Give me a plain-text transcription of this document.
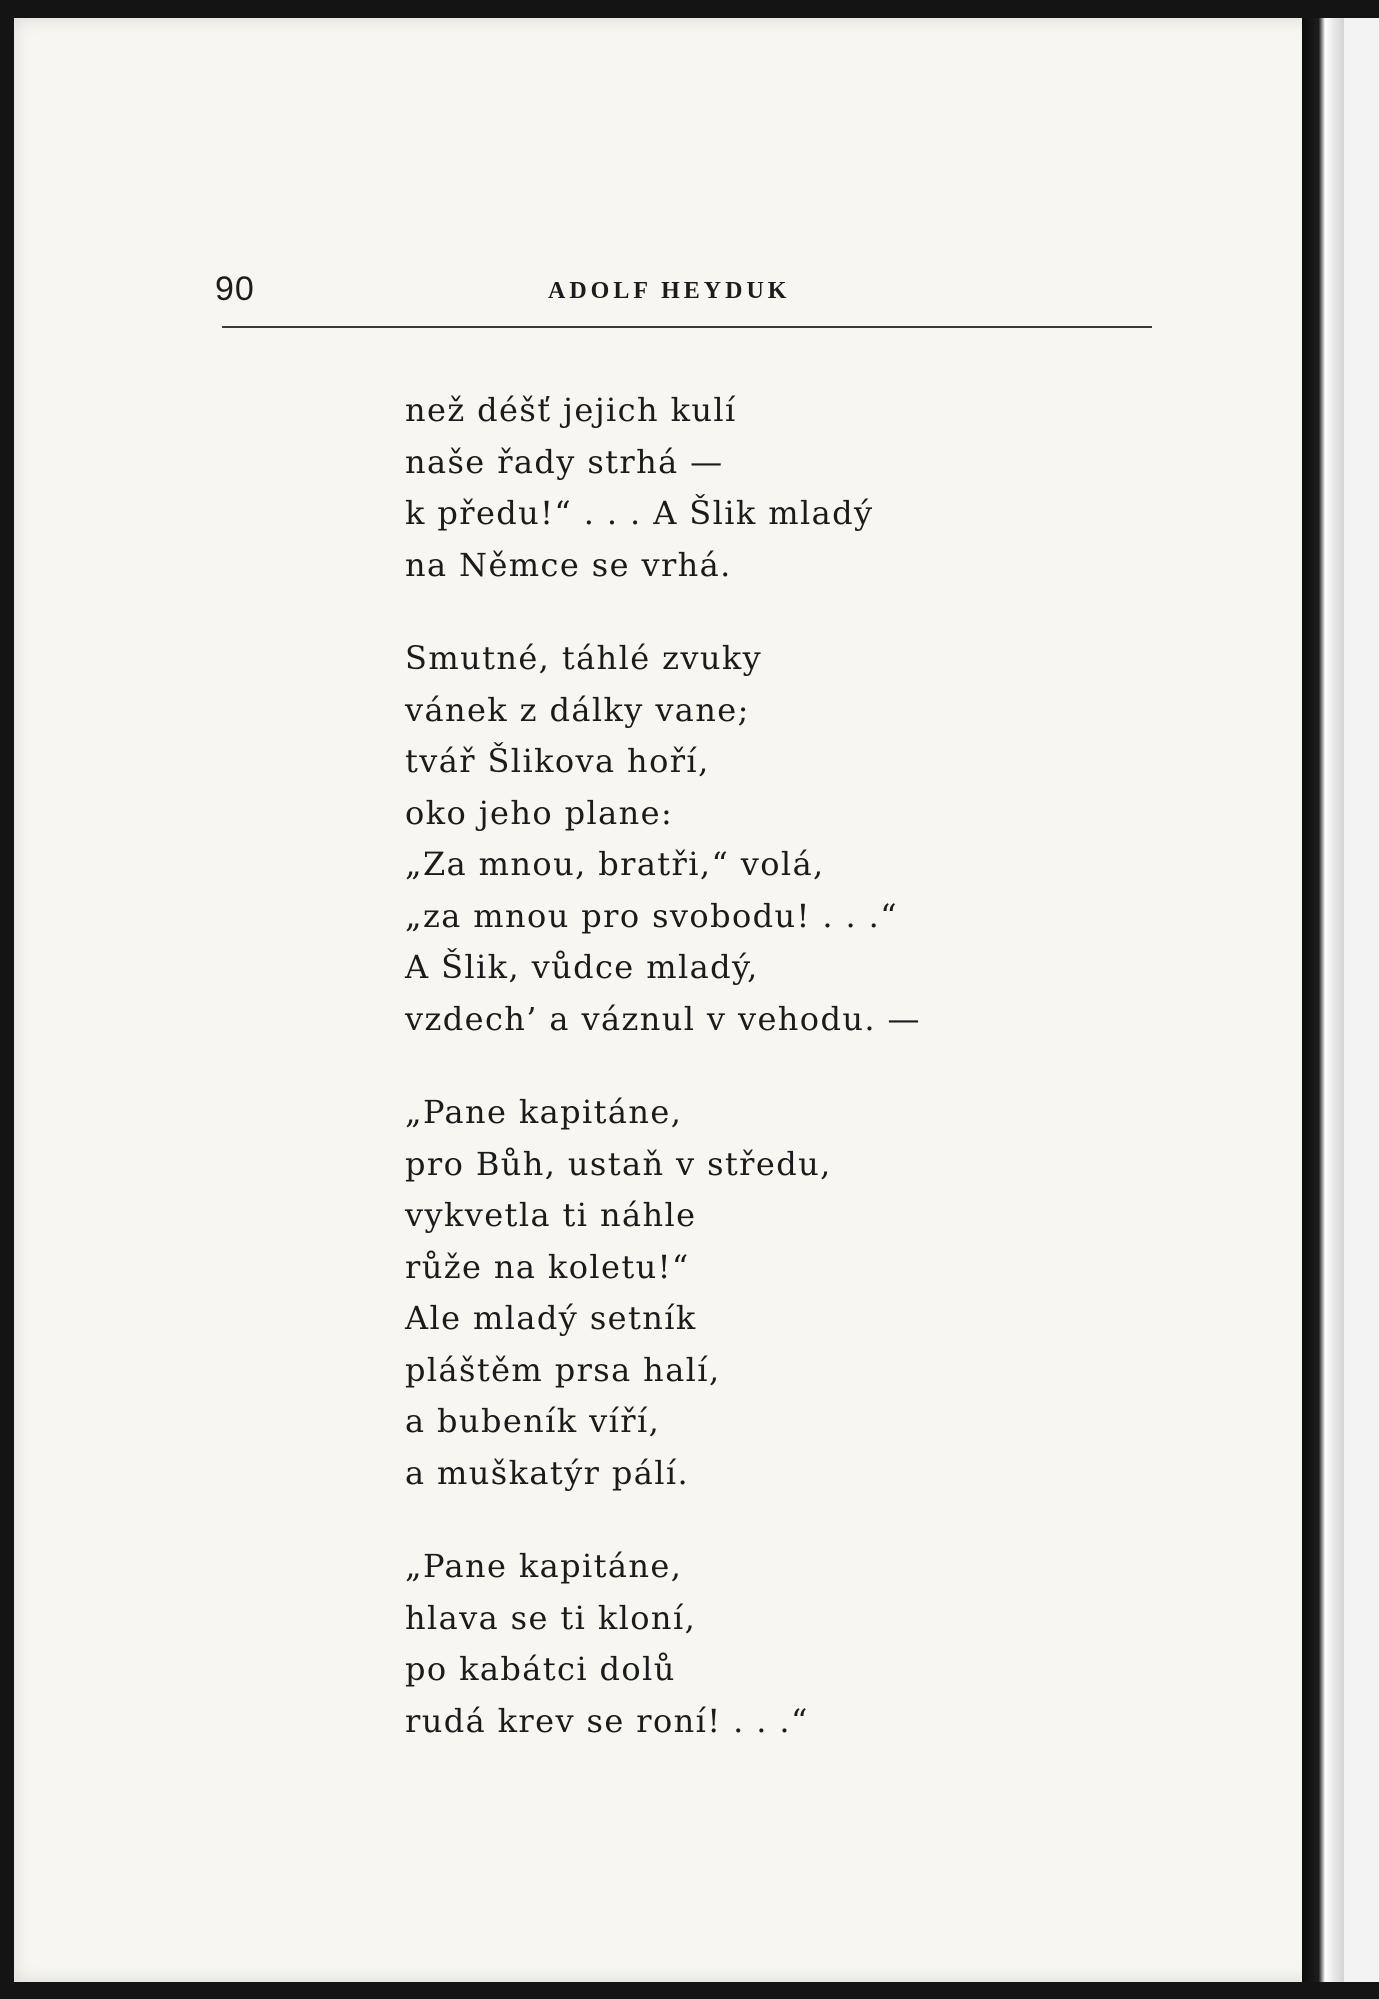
90	ADOLF HEYDUK
než déšť jejich kulí
naše řady strhá —
k předu!“ . . . A Šlik mladý
na Němce se vrhá.
Smutné, táhlé zvuky
vánek z dálky vane;
tvář Šlikova hoří,
oko jeho plane:
„Za mnou, bratři,“ volá,
„za mnou pro svobodu! . . .“
A Šlik, vůdce mladý,
vzdech’ a váznul v vehodu. —
„Pane kapitáne,
pro Bůh, ustaň v středu,
vykvetla ti náhle
růže na koletu!“
Ale mladý setník
pláštěm prsa halí,
a bubeník víří,
a muškatýr pálí.
„Pane kapitáne,
hlava se ti kloní,
po kabátci dolů
rudá krev se roní! . . .“
